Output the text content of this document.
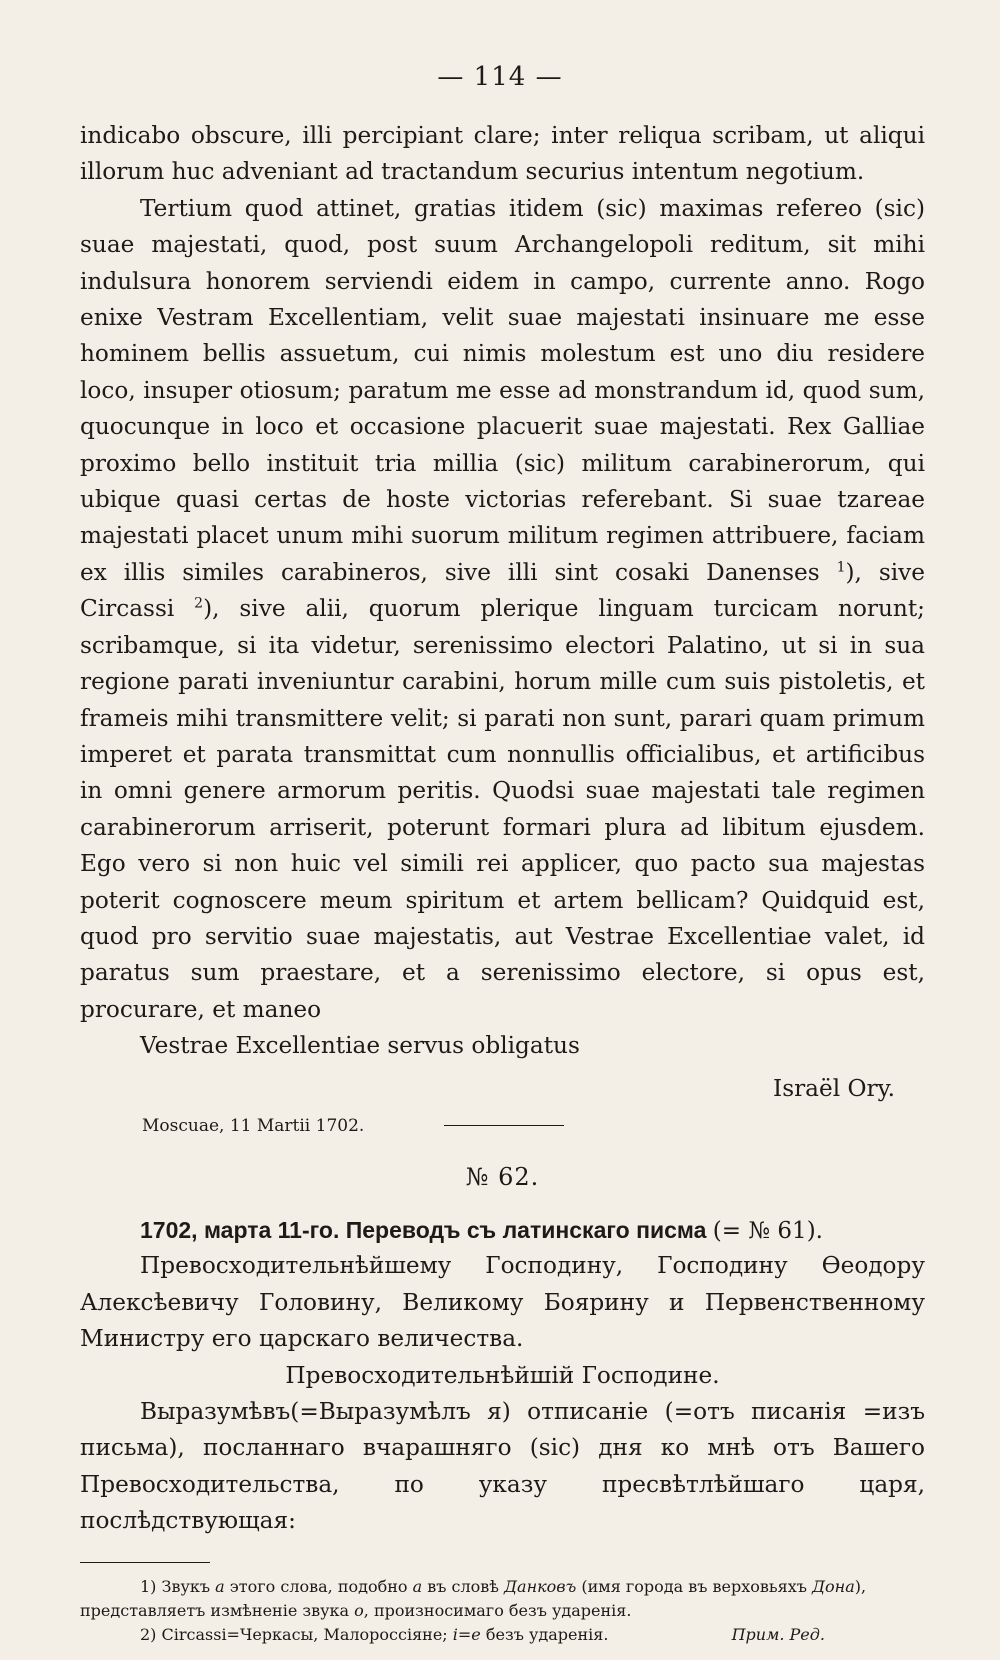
— 114 —

indicabo obscure, illi percipiant clare; inter reliqua scribam, ut aliqui illorum huc adveniant ad tractandum securius intentum negotium.

Tertium quod attinet, gratias itidem (sic) maximas refereo (sic) suae majestati, quod, post suum Archangelopoli reditum, sit mihi indulsura honorem serviendi eidem in campo, currente anno. Rogo enixe Vestram Excellentiam, velit suae majestati insinuare me esse hominem bellis assuetum, cui nimis molestum est uno diu residere loco, insuper otiosum; paratum me esse ad monstrandum id, quod sum, quocunque in loco et occasione placuerit suae majestati. Rex Galliae proximo bello instituit tria millia (sic) militum carabinerorum, qui ubique quasi certas de hoste victorias referebant. Si suae tzareae majestati placet unum mihi suorum militum regimen attribuere, faciam ex illis similes carabineros, sive illi sint cosaki Danenses $^1$), sive Circassi $^2$), sive alii, quorum plerique linguam turcicam norunt; scribamque, si ita videtur, serenissimo electori Palatino, ut si in sua regione parati inveniuntur carabini, horum mille cum suis pistoletis, et frameis mihi transmittere velit; si parati non sunt, parari quam primum imperet et parata transmittat cum nonnullis officialibus, et artificibus in omni genere armorum peritis. Quodsi suae majestati tale regimen carabinerorum arriserit, poterunt formari plura ad libitum ejusdem. Ego vero si non huic vel simili rei applicer, quo pacto sua majestas poterit cognoscere meum spiritum et artem bellicam? Quidquid est, quod pro servitio suae majestatis, aut Vestrae Excellentiae valet, id paratus sum praestare, et a serenissimo electore, si opus est, procurare, et maneo

Vestrae Excellentiae servus obligatus

Israël Ory.
Moscuae, 11 Martii 1702.
№ 62.
1702, марта 11-го. Переводъ съ латинскаго писма (= № 61).

Превосходительнѣйшему Господину, Господину Ѳеодору Алексѣевичу Головину, Великому Боярину и Первенственному Министру его царскаго величества.

Превосходительнѣйшій Господине.

Выразумѣвъ(=Выразумѣлъ я) отписаніе (=отъ писанія =изъ письма), посланнаго вчарашняго (sic) дня ко мнѣ отъ Вашего Превосходительства, по указу пресвѣтлѣйшаго царя, послѣдствующая:

1) Звукъ а этого слова, подобно а въ словѣ Данковъ (имя города въ верховьяхъ Дона),

представляетъ измѣненіе звука о, произносимаго безъ ударенія.

2) Circassi=Черкасы, Малороссіяне; i=e безъ ударенія.	Прим. Ред.
